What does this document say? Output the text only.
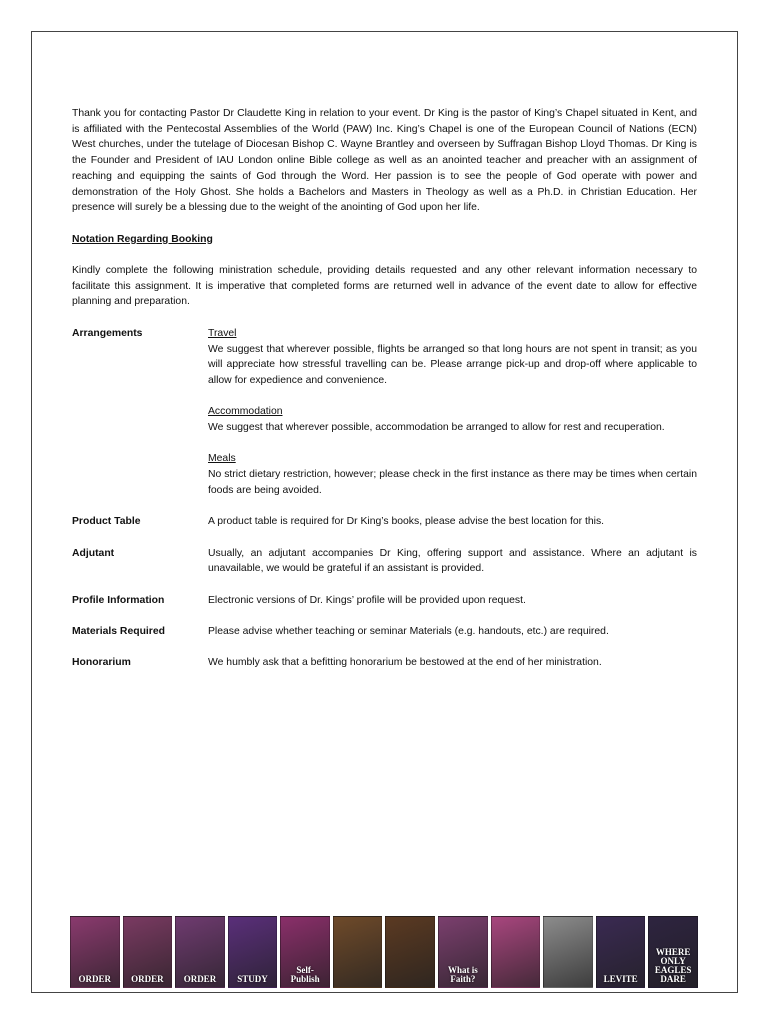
Thank you for contacting Pastor Dr Claudette King in relation to your event. Dr King is the pastor of King’s Chapel situated in Kent, and is affiliated with the Pentecostal Assemblies of the World (PAW) Inc. King’s Chapel is one of the European Council of Nations (ECN) West churches, under the tutelage of Diocesan Bishop C. Wayne Brantley and overseen by Suffragan Bishop Lloyd Thomas. Dr King is the Founder and President of IAU London online Bible college as well as an anointed teacher and preacher with an assignment of reaching and equipping the saints of God through the Word. Her passion is to see the people of God operate with power and demonstration of the Holy Ghost. She holds a Bachelors and Masters in Theology as well as a Ph.D. in Christian Education. Her presence will surely be a blessing due to the weight of the anointing of God upon her life.

Notation Regarding Booking

Kindly complete the following ministration schedule, providing details requested and any other relevant information necessary to facilitate this assignment. It is imperative that completed forms are returned well in advance of the event date to allow for effective planning and preparation.

Arrangements	Travel

We suggest that wherever possible, flights be arranged so that long hours are not spent in transit; as you will appreciate how stressful travelling can be. Please arrange pick-up and drop-off where applicable to allow for expedience and convenience.

Accommodation

We suggest that wherever possible, accommodation be arranged to allow for rest and recuperation.

Meals

No strict dietary restriction, however; please check in the first instance as there may be times when certain foods are being avoided.

Product Table	A product table is required for Dr King’s books, please advise the best location for this.

Adjutant	Usually, an adjutant accompanies Dr King, offering support and assistance. Where an adjutant is unavailable, we would be grateful if an assistant is provided.

Profile Information	Electronic versions of Dr. Kings’ profile will be provided upon request.

Materials Required	Please advise whether teaching or seminar Materials (e.g. handouts, etc.) are required.

Honorarium	We humbly ask that a befitting honorarium be bestowed at the end of her ministration.

ORDER	ORDER	ORDER	STUDY
Self-Publish
What is Faith?	LEVITE
WHERE ONLY EAGLES DARE
